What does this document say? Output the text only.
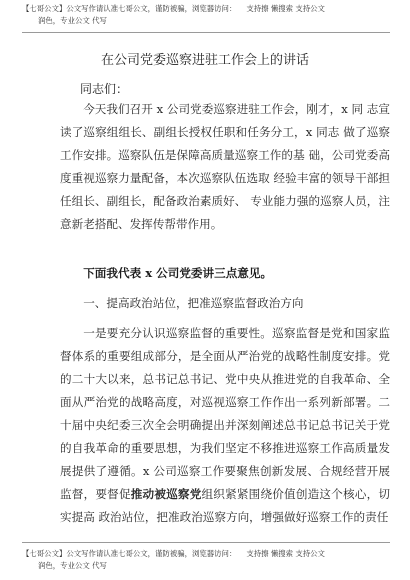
【七哥公文】公文写作请认准七哥公文，谨防被骗，浏览器访问： 支持擦 懒搜索 支持公文
润色，专业公文 代写
在公司党委巡察进驻工作会上的讲话
同志们：
今天我们召开 x 公司党委巡察进驻工作会，刚才，x 同 志宣读了巡察组组长、副组长授权任职和任务分工，x 同志 做了巡察工作安排。巡察队伍是保障高质量巡察工作的基 础，公司党委高度重视巡察力量配备，本次巡察队伍选取 经验丰富的领导干部担任组长、副组长，配备政治素质好、 专业能力强的巡察人员，注意新老搭配、发挥传帮带作用。
下面我代表 x 公司党委讲三点意见。
一、提高政治站位，把准巡察监督政治方向
一是要充分认识巡察监督的重要性。巡察监督是党和国家监督体系的重要组成部分，是全面从严治党的战略性制度安排。党的二十大以来，总书记总书记、党中央从推进党的自我革命、全面从严治党的战略高度，对巡视巡察工作作出一系列新部署。二十届中央纪委三次全会明确提出并深刻阐述总书记总书记关于党的自我革命的重要思想，为我们坚定不移推进巡察工作高质量发展提供了遵循。x 公司巡察工作要聚焦创新发展、合规经营开展监督，要督促推动被巡察党组织紧紧围绕价值创造这个核心，切实提高 政治站位，把准政治巡察方向，增强做好巡察工作的责任
【七哥公文】公文写作请认准七哥公文，谨防被骗，浏览器访问： 支持擦 懒搜索 支持公文
润色，专业公文 代写
